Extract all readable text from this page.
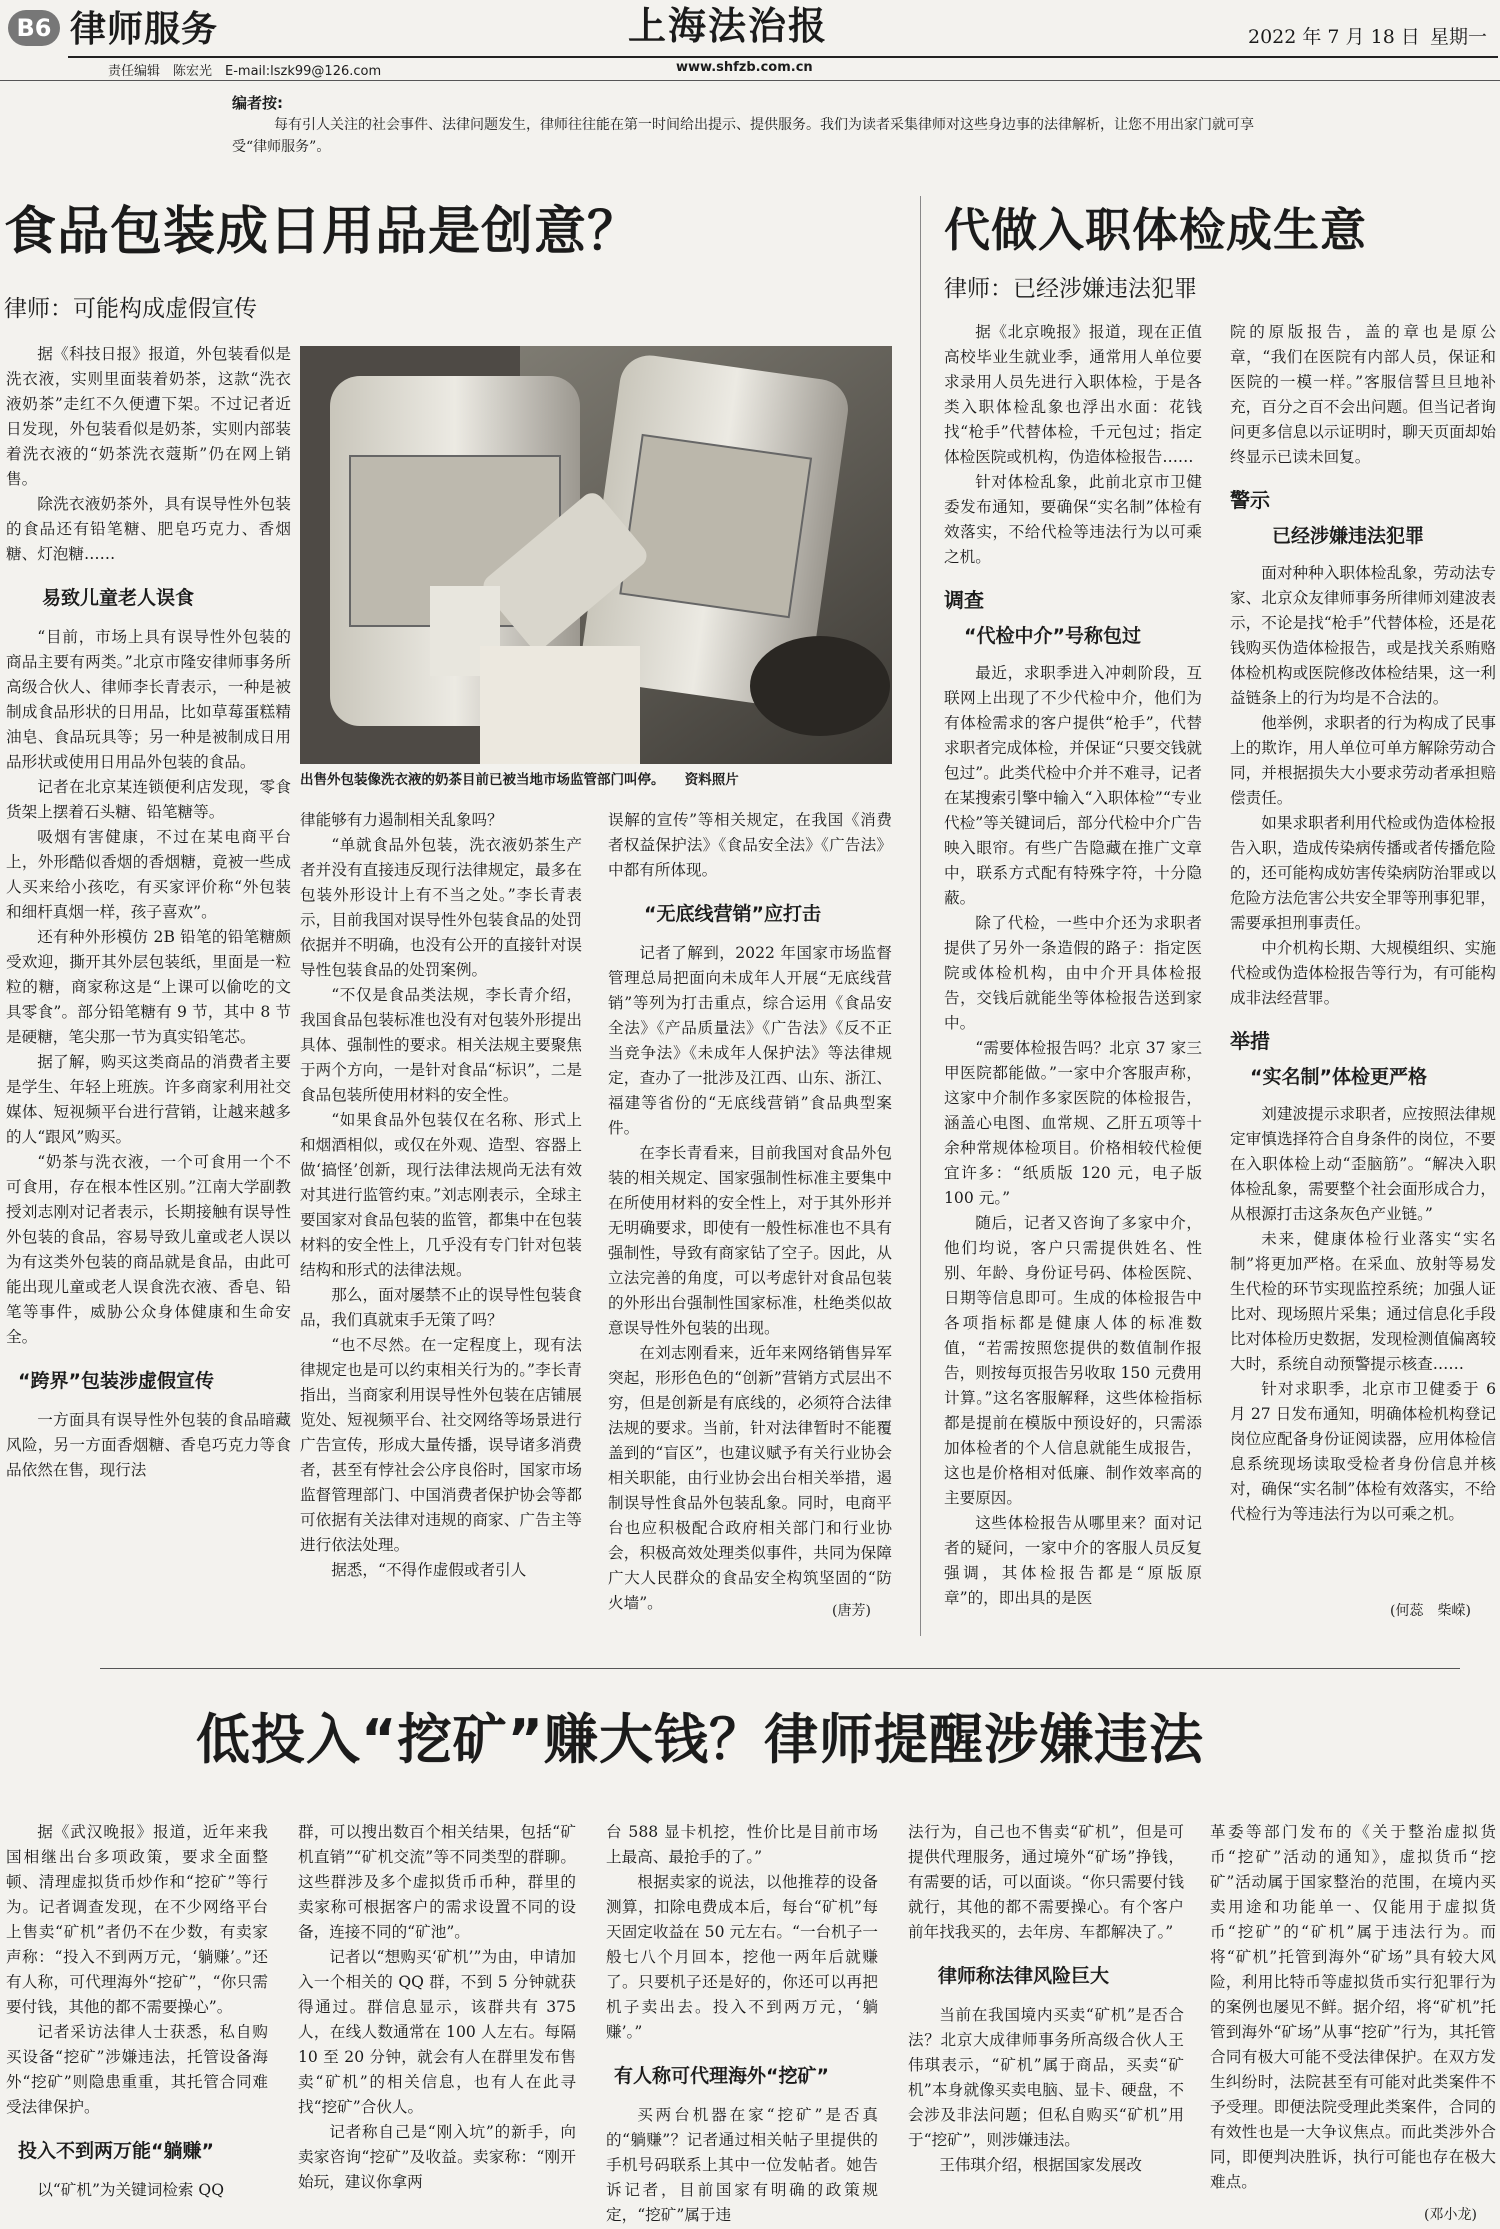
B6 律师服务	上海法治报	2022 年 7 月 18 日 星期一
责任编辑　陈宏光　E-mail:lszk99@126.com	www.shfzb.com.cn
编者按:
每有引人关注的社会事件、法律问题发生，律师往往能在第一时间给出提示、提供服务。我们为读者采集律师对这些身边事的法律解析，让您不用出家门就可享受“律师服务”。
食品包装成日用品是创意？
律师：可能构成虚假宣传
出售外包装像洗衣液的奶茶目前已被当地市场监管部门叫停。　　资料照片

据《科技日报》报道，外包装看似是洗衣液，实则里面装着奶茶，这款“洗衣液奶茶”走红不久便遭下架。不过记者近日发现，外包装看似是奶茶，实则内部装着洗衣液的“奶茶洗衣蔻斯”仍在网上销售。

除洗衣液奶茶外，具有误导性外包装的食品还有铅笔糖、肥皂巧克力、香烟糖、灯泡糖……

易致儿童老人误食

“目前，市场上具有误导性外包装的商品主要有两类。”北京市隆安律师事务所高级合伙人、律师李长青表示，一种是被制成食品形状的日用品，比如草莓蛋糕精油皂、食品玩具等；另一种是被制成日用品形状或使用日用品外包装的食品。

记者在北京某连锁便利店发现，零食货架上摆着石头糖、铅笔糖等。

吸烟有害健康，不过在某电商平台上，外形酷似香烟的香烟糖，竟被一些成人买来给小孩吃，有买家评价称“外包装和细杆真烟一样，孩子喜欢”。

还有种外形模仿 2B 铅笔的铅笔糖颇受欢迎，撕开其外层包装纸，里面是一粒粒的糖，商家称这是“上课可以偷吃的文具零食”。部分铅笔糖有 9 节，其中 8 节是硬糖，笔尖那一节为真实铅笔芯。

据了解，购买这类商品的消费者主要是学生、年轻上班族。许多商家利用社交媒体、短视频平台进行营销，让越来越多的人“跟风”购买。

“奶茶与洗衣液，一个可食用一个不可食用，存在根本性区别。”江南大学副教授刘志刚对记者表示，长期接触有误导性外包装的食品，容易导致儿童或老人误以为有这类外包装的商品就是食品，由此可能出现儿童或老人误食洗衣液、香皂、铅笔等事件，威胁公众身体健康和生命安全。

“跨界”包装涉虚假宣传

一方面具有误导性外包装的食品暗藏风险，另一方面香烟糖、香皂巧克力等食品依然在售，现行法

律能够有力遏制相关乱象吗？

“单就食品外包装，洗衣液奶茶生产者并没有直接违反现行法律规定，最多在包装外形设计上有不当之处。”李长青表示，目前我国对误导性外包装食品的处罚依据并不明确，也没有公开的直接针对误导性包装食品的处罚案例。

“不仅是食品类法规，李长青介绍，我国食品包装标准也没有对包装外形提出具体、强制性的要求。相关法规主要聚焦于两个方向，一是针对食品“标识”，二是食品包装所使用材料的安全性。

“如果食品外包装仅在名称、形式上和烟酒相似，或仅在外观、造型、容器上做‘搞怪’创新，现行法律法规尚无法有效对其进行监管约束。”刘志刚表示，全球主要国家对食品包装的监管，都集中在包装材料的安全性上，几乎没有专门针对包装结构和形式的法律法规。

那么，面对屡禁不止的误导性包装食品，我们真就束手无策了吗？

“也不尽然。在一定程度上，现有法律规定也是可以约束相关行为的。”李长青指出，当商家利用误导性外包装在店铺展览处、短视频平台、社交网络等场景进行广告宣传，形成大量传播，误导诸多消费者，甚至有悖社会公序良俗时，国家市场监督管理部门、中国消费者保护协会等都可依据有关法律对违规的商家、广告主等进行依法处理。

据悉，“不得作虚假或者引人

误解的宣传”等相关规定，在我国《消费者权益保护法》《食品安全法》《广告法》中都有所体现。

“无底线营销”应打击

记者了解到，2022 年国家市场监督管理总局把面向未成年人开展“无底线营销”等列为打击重点，综合运用《食品安全法》《产品质量法》《广告法》《反不正当竞争法》《未成年人保护法》等法律规定，查办了一批涉及江西、山东、浙江、福建等省份的“无底线营销”食品典型案件。

在李长青看来，目前我国对食品外包装的相关规定、国家强制性标准主要集中在所使用材料的安全性上，对于其外形并无明确要求，即使有一般性标准也不具有强制性，导致有商家钻了空子。因此，从立法完善的角度，可以考虑针对食品包装的外形出台强制性国家标准，杜绝类似故意误导性外包装的出现。

在刘志刚看来，近年来网络销售异军突起，形形色色的“创新”营销方式层出不穷，但是创新是有底线的，必须符合法律法规的要求。当前，针对法律暂时不能覆盖到的“盲区”，也建议赋予有关行业协会相关职能，由行业协会出台相关举措，遏制误导性食品外包装乱象。同时，电商平台也应积极配合政府相关部门和行业协会，积极高效处理类似事件，共同为保障广大人民群众的食品安全构筑坚固的“防火墙”。	(唐芳)
代做入职体检成生意
律师：已经涉嫌违法犯罪

据《北京晚报》报道，现在正值高校毕业生就业季，通常用人单位要求录用人员先进行入职体检，于是各类入职体检乱象也浮出水面：花钱找“枪手”代替体检，千元包过；指定体检医院或机构，伪造体检报告……

针对体检乱象，此前北京市卫健委发布通知，要确保“实名制”体检有效落实，不给代检等违法行为以可乘之机。

调查
“代检中介”号称包过

最近，求职季进入冲刺阶段，互联网上出现了不少代检中介，他们为有体检需求的客户提供“枪手”，代替求职者完成体检，并保证“只要交钱就包过”。此类代检中介并不难寻，记者在某搜索引擎中输入“入职体检”“专业代检”等关键词后，部分代检中介广告映入眼帘。有些广告隐藏在推广文章中，联系方式配有特殊字符，十分隐蔽。

除了代检，一些中介还为求职者提供了另外一条造假的路子：指定医院或体检机构，由中介开具体检报告，交钱后就能坐等体检报告送到家中。

“需要体检报告吗？北京 37 家三甲医院都能做。”一家中介客服声称，这家中介制作多家医院的体检报告，涵盖心电图、血常规、乙肝五项等十余种常规体检项目。价格相较代检便宜许多：“纸质版 120 元，电子版 100 元。”

随后，记者又咨询了多家中介，他们均说，客户只需提供姓名、性别、年龄、身份证号码、体检医院、日期等信息即可。生成的体检报告中各项指标都是健康人体的标准数值，“若需按照您提供的数值制作报告，则按每页报告另收取 150 元费用计算。”这名客服解释，这些体检指标都是提前在模版中预设好的，只需添加体检者的个人信息就能生成报告，这也是价格相对低廉、制作效率高的主要原因。

这些体检报告从哪里来？面对记者的疑问，一家中介的客服人员反复强调，其体检报告都是“原版原章”的，即出具的是医

院的原版报告，盖的章也是原公章，“我们在医院有内部人员，保证和医院的一模一样。”客服信誓旦旦地补充，百分之百不会出问题。但当记者询问更多信息以示证明时，聊天页面却始终显示已读未回复。

警示
已经涉嫌违法犯罪

面对种种入职体检乱象，劳动法专家、北京众友律师事务所律师刘建波表示，不论是找“枪手”代替体检，还是花钱购买伪造体检报告，或是找关系贿赂体检机构或医院修改体检结果，这一利益链条上的行为均是不合法的。

他举例，求职者的行为构成了民事上的欺诈，用人单位可单方解除劳动合同，并根据损失大小要求劳动者承担赔偿责任。

如果求职者利用代检或伪造体检报告入职，造成传染病传播或者传播危险的，还可能构成妨害传染病防治罪或以危险方法危害公共安全罪等刑事犯罪，需要承担刑事责任。

中介机构长期、大规模组织、实施代检或伪造体检报告等行为，有可能构成非法经营罪。

举措
“实名制”体检更严格

刘建波提示求职者，应按照法律规定审慎选择符合自身条件的岗位，不要在入职体检上动“歪脑筋”。“解决入职体检乱象，需要整个社会面形成合力，从根源打击这条灰色产业链。”

未来，健康体检行业落实“实名制”将更加严格。在采血、放射等易发生代检的环节实现监控系统；加强人证比对、现场照片采集；通过信息化手段比对体检历史数据，发现检测值偏离较大时，系统自动预警提示核查……

针对求职季，北京市卫健委于 6 月 27 日发布通知，明确体检机构登记岗位应配备身份证阅读器，应用体检信息系统现场读取受检者身份信息并核对，确保“实名制”体检有效落实，不给代检行为等违法行为以可乘之机。

(何蕊　柴嵘)
低投入“挖矿”赚大钱？律师提醒涉嫌违法

据《武汉晚报》报道，近年来我国相继出台多项政策，要求全面整顿、清理虚拟货币炒作和“挖矿”等行为。记者调查发现，在不少网络平台上售卖“矿机”者仍不在少数，有卖家声称：“投入不到两万元，‘躺赚’。”还有人称，可代理海外“挖矿”，“你只需要付钱，其他的都不需要操心”。

记者采访法律人士获悉，私自购买设备“挖矿”涉嫌违法，托管设备海外“挖矿”则隐患重重，其托管合同难受法律保护。

投入不到两万能“躺赚”

以“矿机”为关键词检索 QQ

群，可以搜出数百个相关结果，包括“矿机直销”“矿机交流”等不同类型的群聊。这些群涉及多个虚拟货币币种，群里的卖家称可根据客户的需求设置不同的设备，连接不同的“矿池”。

记者以“想购买‘矿机’”为由，申请加入一个相关的 QQ 群，不到 5 分钟就获得通过。群信息显示，该群共有 375 人，在线人数通常在 100 人左右。每隔 10 至 20 分钟，就会有人在群里发布售卖“矿机”的相关信息，也有人在此寻找“挖矿”合伙人。

记者称自己是“刚入坑”的新手，向卖家咨询“挖矿”及收益。卖家称：“刚开始玩，建议你拿两

台 588 显卡机挖，性价比是目前市场上最高、最抢手的了。”

根据卖家的说法，以他推荐的设备测算，扣除电费成本后，每台“矿机”每天固定收益在 50 元左右。“一台机子一般七八个月回本，挖他一两年后就赚了。只要机子还是好的，你还可以再把机子卖出去。投入不到两万元，‘躺赚’。”

有人称可代理海外“挖矿”

买两台机器在家“挖矿”是否真的“躺赚”？记者通过相关帖子里提供的手机号码联系上其中一位发帖者。她告诉记者，目前国家有明确的政策规定，“挖矿”属于违

法行为，自己也不售卖“矿机”，但是可提供代理服务，通过境外“矿场”挣钱，有需要的话，可以面谈。“你只需要付钱就行，其他的都不需要操心。有个客户前年找我买的，去年房、车都解决了。”

律师称法律风险巨大

当前在我国境内买卖“矿机”是否合法？北京大成律师事务所高级合伙人王伟琪表示，“矿机”属于商品，买卖“矿机”本身就像买卖电脑、显卡、硬盘，不会涉及非法问题；但私自购买“矿机”用于“挖矿”，则涉嫌违法。

王伟琪介绍，根据国家发展改

革委等部门发布的《关于整治虚拟货币“挖矿”活动的通知》，虚拟货币“挖矿”活动属于国家整治的范围，在境内买卖用途和功能单一、仅能用于虚拟货币“挖矿”的“矿机”属于违法行为。而将“矿机”托管到海外“矿场”具有较大风险，利用比特币等虚拟货币实行犯罪行为的案例也屡见不鲜。据介绍，将“矿机”托管到海外“矿场”从事“挖矿”行为，其托管合同有极大可能不受法律保护。在双方发生纠纷时，法院甚至有可能对此类案件不予受理。即便法院受理此类案件，合同的有效性也是一大争议焦点。而此类涉外合同，即便判决胜诉，执行可能也存在极大难点。

(邓小龙)
